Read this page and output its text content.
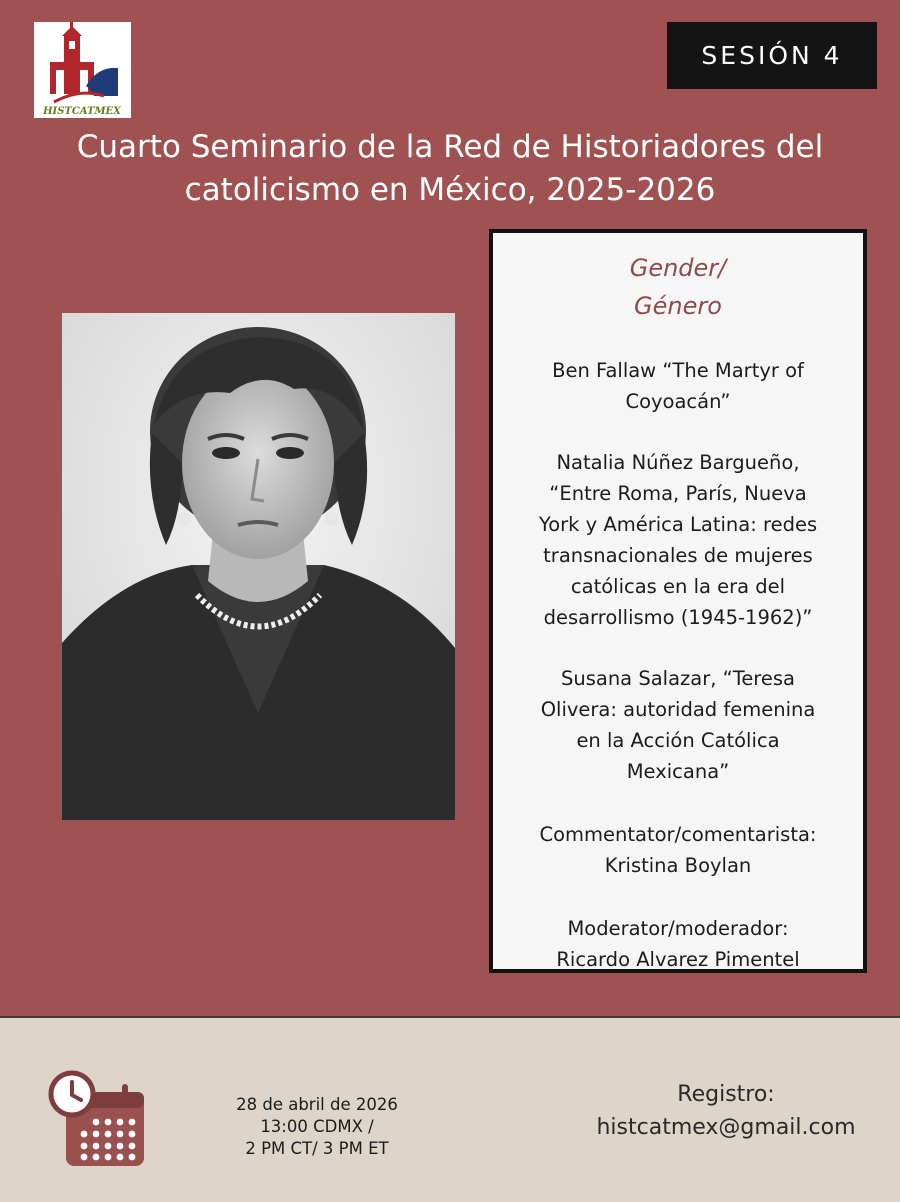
HISTCATMEX
SESIÓN 4
Cuarto Seminario de la Red de Historiadores del
catolicismo en México, 2025-2026
Gender/
Género
Ben Fallaw “The Martyr of
Coyoacán”
Natalia Núñez Bargueño,
“Entre Roma, París, Nueva
York y América Latina: redes
transnacionales de mujeres
católicas en la era del
desarrollismo (1945-1962)”
Susana Salazar, “Teresa
Olivera: autoridad femenina
en la Acción Católica
Mexicana”
Commentator/comentarista:
Kristina Boylan
Moderator/moderador:
Ricardo Alvarez Pimentel
28 de abril de 2026
13:00 CDMX /
2 PM CT/ 3 PM ET
Registro:
histcatmex@gmail.com
